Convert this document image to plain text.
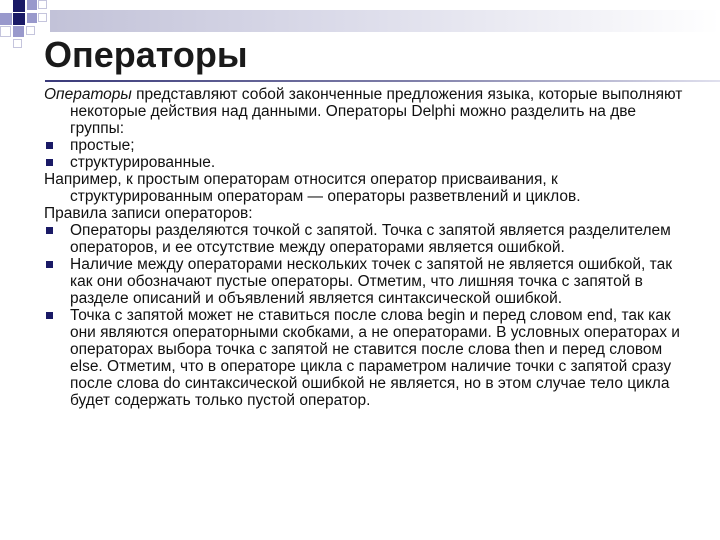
Операторы

Операторы представляют собой законченные предложения языка, которые выполняют некоторые действия над данными. Операторы Delphi можно разделить на две группы:

простые;

структурированные.

Например, к простым операторам относится оператор присваивания, к структурированным операторам — операторы разветвлений и циклов.

Правила записи операторов:

Операторы разделяются точкой с запятой. Точка с запятой является разделителем операторов, и ее отсутствие между операторами является ошибкой.

Наличие между операторами нескольких точек с запятой не является ошибкой, так как они обозначают пустые операторы. Отметим, что лишняя точка с запятой в разделе описаний и объявлений является синтаксической ошибкой.

Точка с запятой может не ставиться после слова begin и перед словом end, так как они являются операторными скобками, а не операторами. В условных операторах и операторах выбора точка с запятой не ставится после слова then и перед словом else. Отметим, что в операторе цикла с параметром наличие точки с запятой сразу после слова do синтаксической ошибкой не является, но в этом случае тело цикла будет содержать только пустой оператор.
